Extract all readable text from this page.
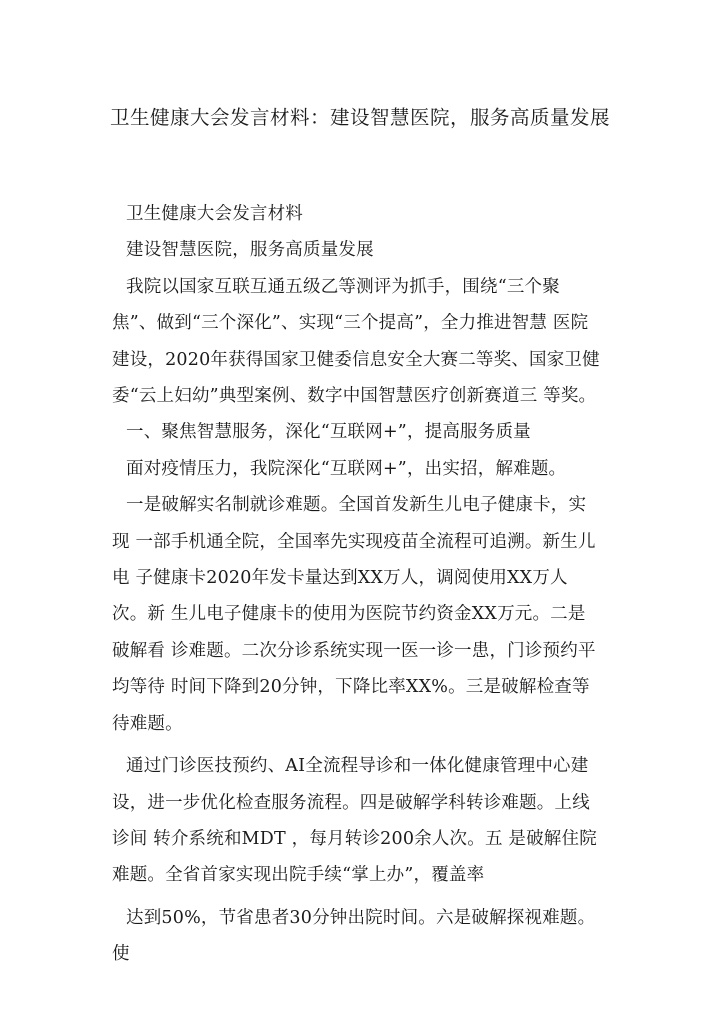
卫生健康大会发言材料：建设智慧医院，服务高质量发展

卫生健康大会发言材料

建设智慧医院，服务高质量发展

我院以国家互联互通五级乙等测评为抓手，围绕“三个聚 焦”、做到“三个深化”、实现“三个提高”，全力推进智慧 医院建设，2020年获得国家卫健委信息安全大赛二等奖、国家卫健委“云上妇幼”典型案例、数字中国智慧医疗创新赛道三 等奖。

一、聚焦智慧服务，深化“互联网+”，提高服务质量

面对疫情压力，我院深化“互联网+”，出实招，解难题。

一是破解实名制就诊难题。全国首发新生儿电子健康卡，实现 一部手机通全院，全国率先实现疫苗全流程可追溯。新生儿电 子健康卡2020年发卡量达到XX万人，调阅使用XX万人次。新 生儿电子健康卡的使用为医院节约资金XX万元。二是破解看 诊难题。二次分诊系统实现一医一诊一患，门诊预约平均等待 时间下降到20分钟，下降比率XX%。三是破解检查等待难题。

通过门诊医技预约、AI全流程导诊和一体化健康管理中心建设，进一步优化检查服务流程。四是破解学科转诊难题。上线诊间 转介系统和MDT ，每月转诊200余人次。五 是破解住院难题。全省首家实现出院手续“掌上办”，覆盖率

达到50%，节省患者30分钟出院时间。六是破解探视难题。使
